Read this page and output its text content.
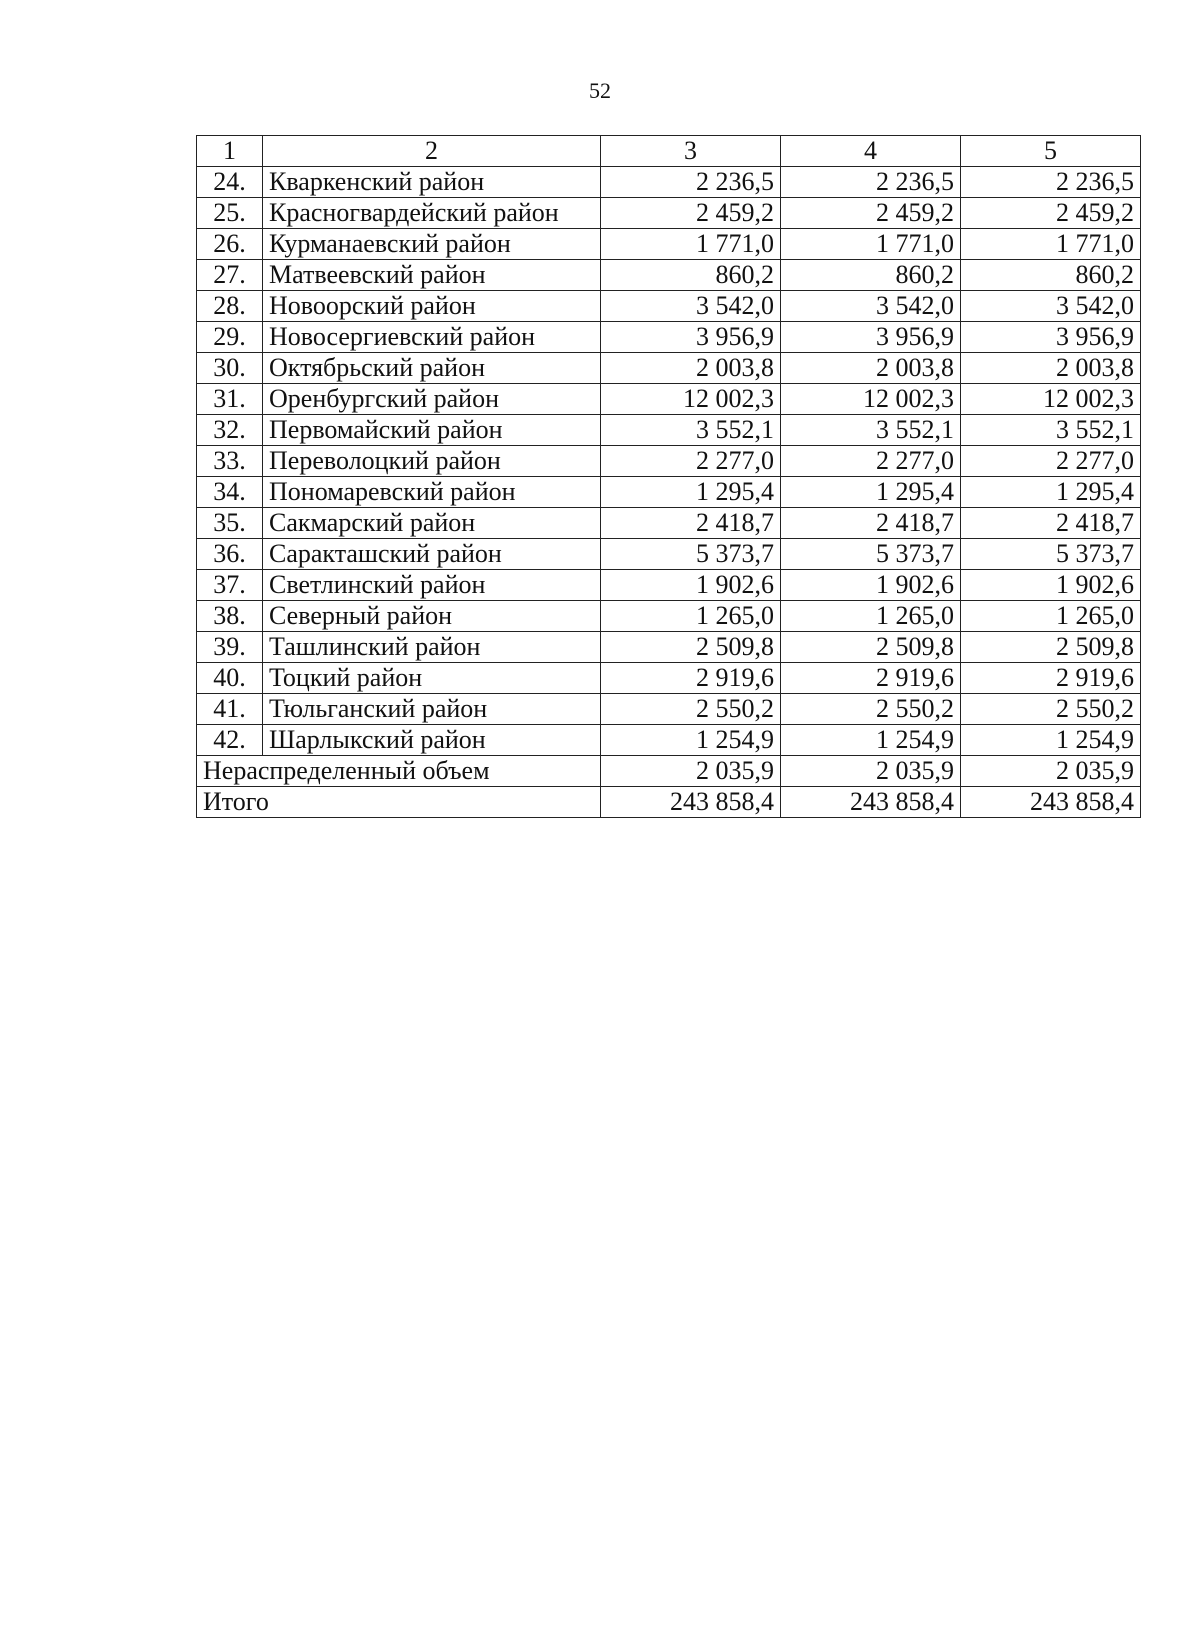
52
1	2	3	4	5
24.	Кваркенский район	2 236,5	2 236,5	2 236,5
25.	Красногвардейский район	2 459,2	2 459,2	2 459,2
26.	Курманаевский район	1 771,0	1 771,0	1 771,0
27.	Матвеевский район	860,2	860,2	860,2
28.	Новоорский район	3 542,0	3 542,0	3 542,0
29.	Новосергиевский район	3 956,9	3 956,9	3 956,9
30.	Октябрьский район	2 003,8	2 003,8	2 003,8
31.	Оренбургский район	12 002,3	12 002,3	12 002,3
32.	Первомайский район	3 552,1	3 552,1	3 552,1
33.	Переволоцкий район	2 277,0	2 277,0	2 277,0
34.	Пономаревский район	1 295,4	1 295,4	1 295,4
35.	Сакмарский район	2 418,7	2 418,7	2 418,7
36.	Саракташский район	5 373,7	5 373,7	5 373,7
37.	Светлинский район	1 902,6	1 902,6	1 902,6
38.	Северный район	1 265,0	1 265,0	1 265,0
39.	Ташлинский район	2 509,8	2 509,8	2 509,8
40.	Тоцкий район	2 919,6	2 919,6	2 919,6
41.	Тюльганский район	2 550,2	2 550,2	2 550,2
42.	Шарлыкский район	1 254,9	1 254,9	1 254,9
Нераспределенный объем		2 035,9	2 035,9	2 035,9
Итого		243 858,4	243 858,4	243 858,4
